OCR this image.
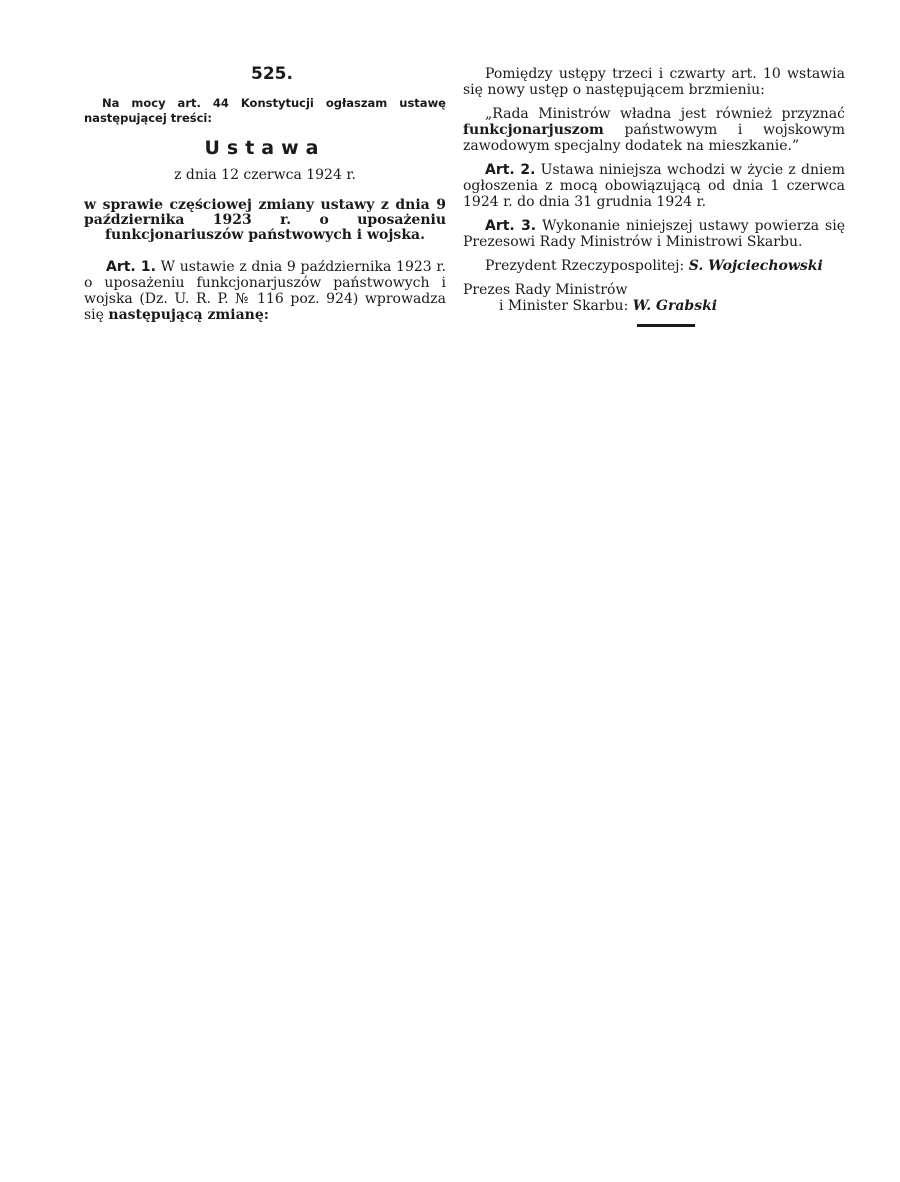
525.

Na mocy art. 44 Konstytucji ogłaszam ustawę następującej treści:

Ustawa
z dnia 12 czerwca 1924 r.

w sprawie częściowej zmiany ustawy z dnia 9 października 1923 r. o uposażeniu funkcjonariuszów państwowych i wojska.

Art. 1. W ustawie z dnia 9 października 1923 r. o uposażeniu funkcjonarjuszów państwowych i wojska (Dz. U. R. P. № 116 poz. 924) wprowadza się następującą zmianę:

Pomiędzy ustępy trzeci i czwarty art. 10 wstawia się nowy ustęp o następującem brzmieniu:

„Rada Ministrów władna jest również przyznać funkcjonarjuszom państwowym i wojskowym zawodowym specjalny dodatek na mieszkanie.”

Art. 2. Ustawa niniejsza wchodzi w życie z dniem ogłoszenia z mocą obowiązującą od dnia 1 czerwca 1924 r. do dnia 31 grudnia 1924 r.

Art. 3. Wykonanie niniejszej ustawy powierza się Prezesowi Rady Ministrów i Ministrowi Skarbu.

Prezydent Rzeczypospolitej: S. Wojciechowski

Prezes Rady Ministrów
i Minister Skarbu: W. Grabski
